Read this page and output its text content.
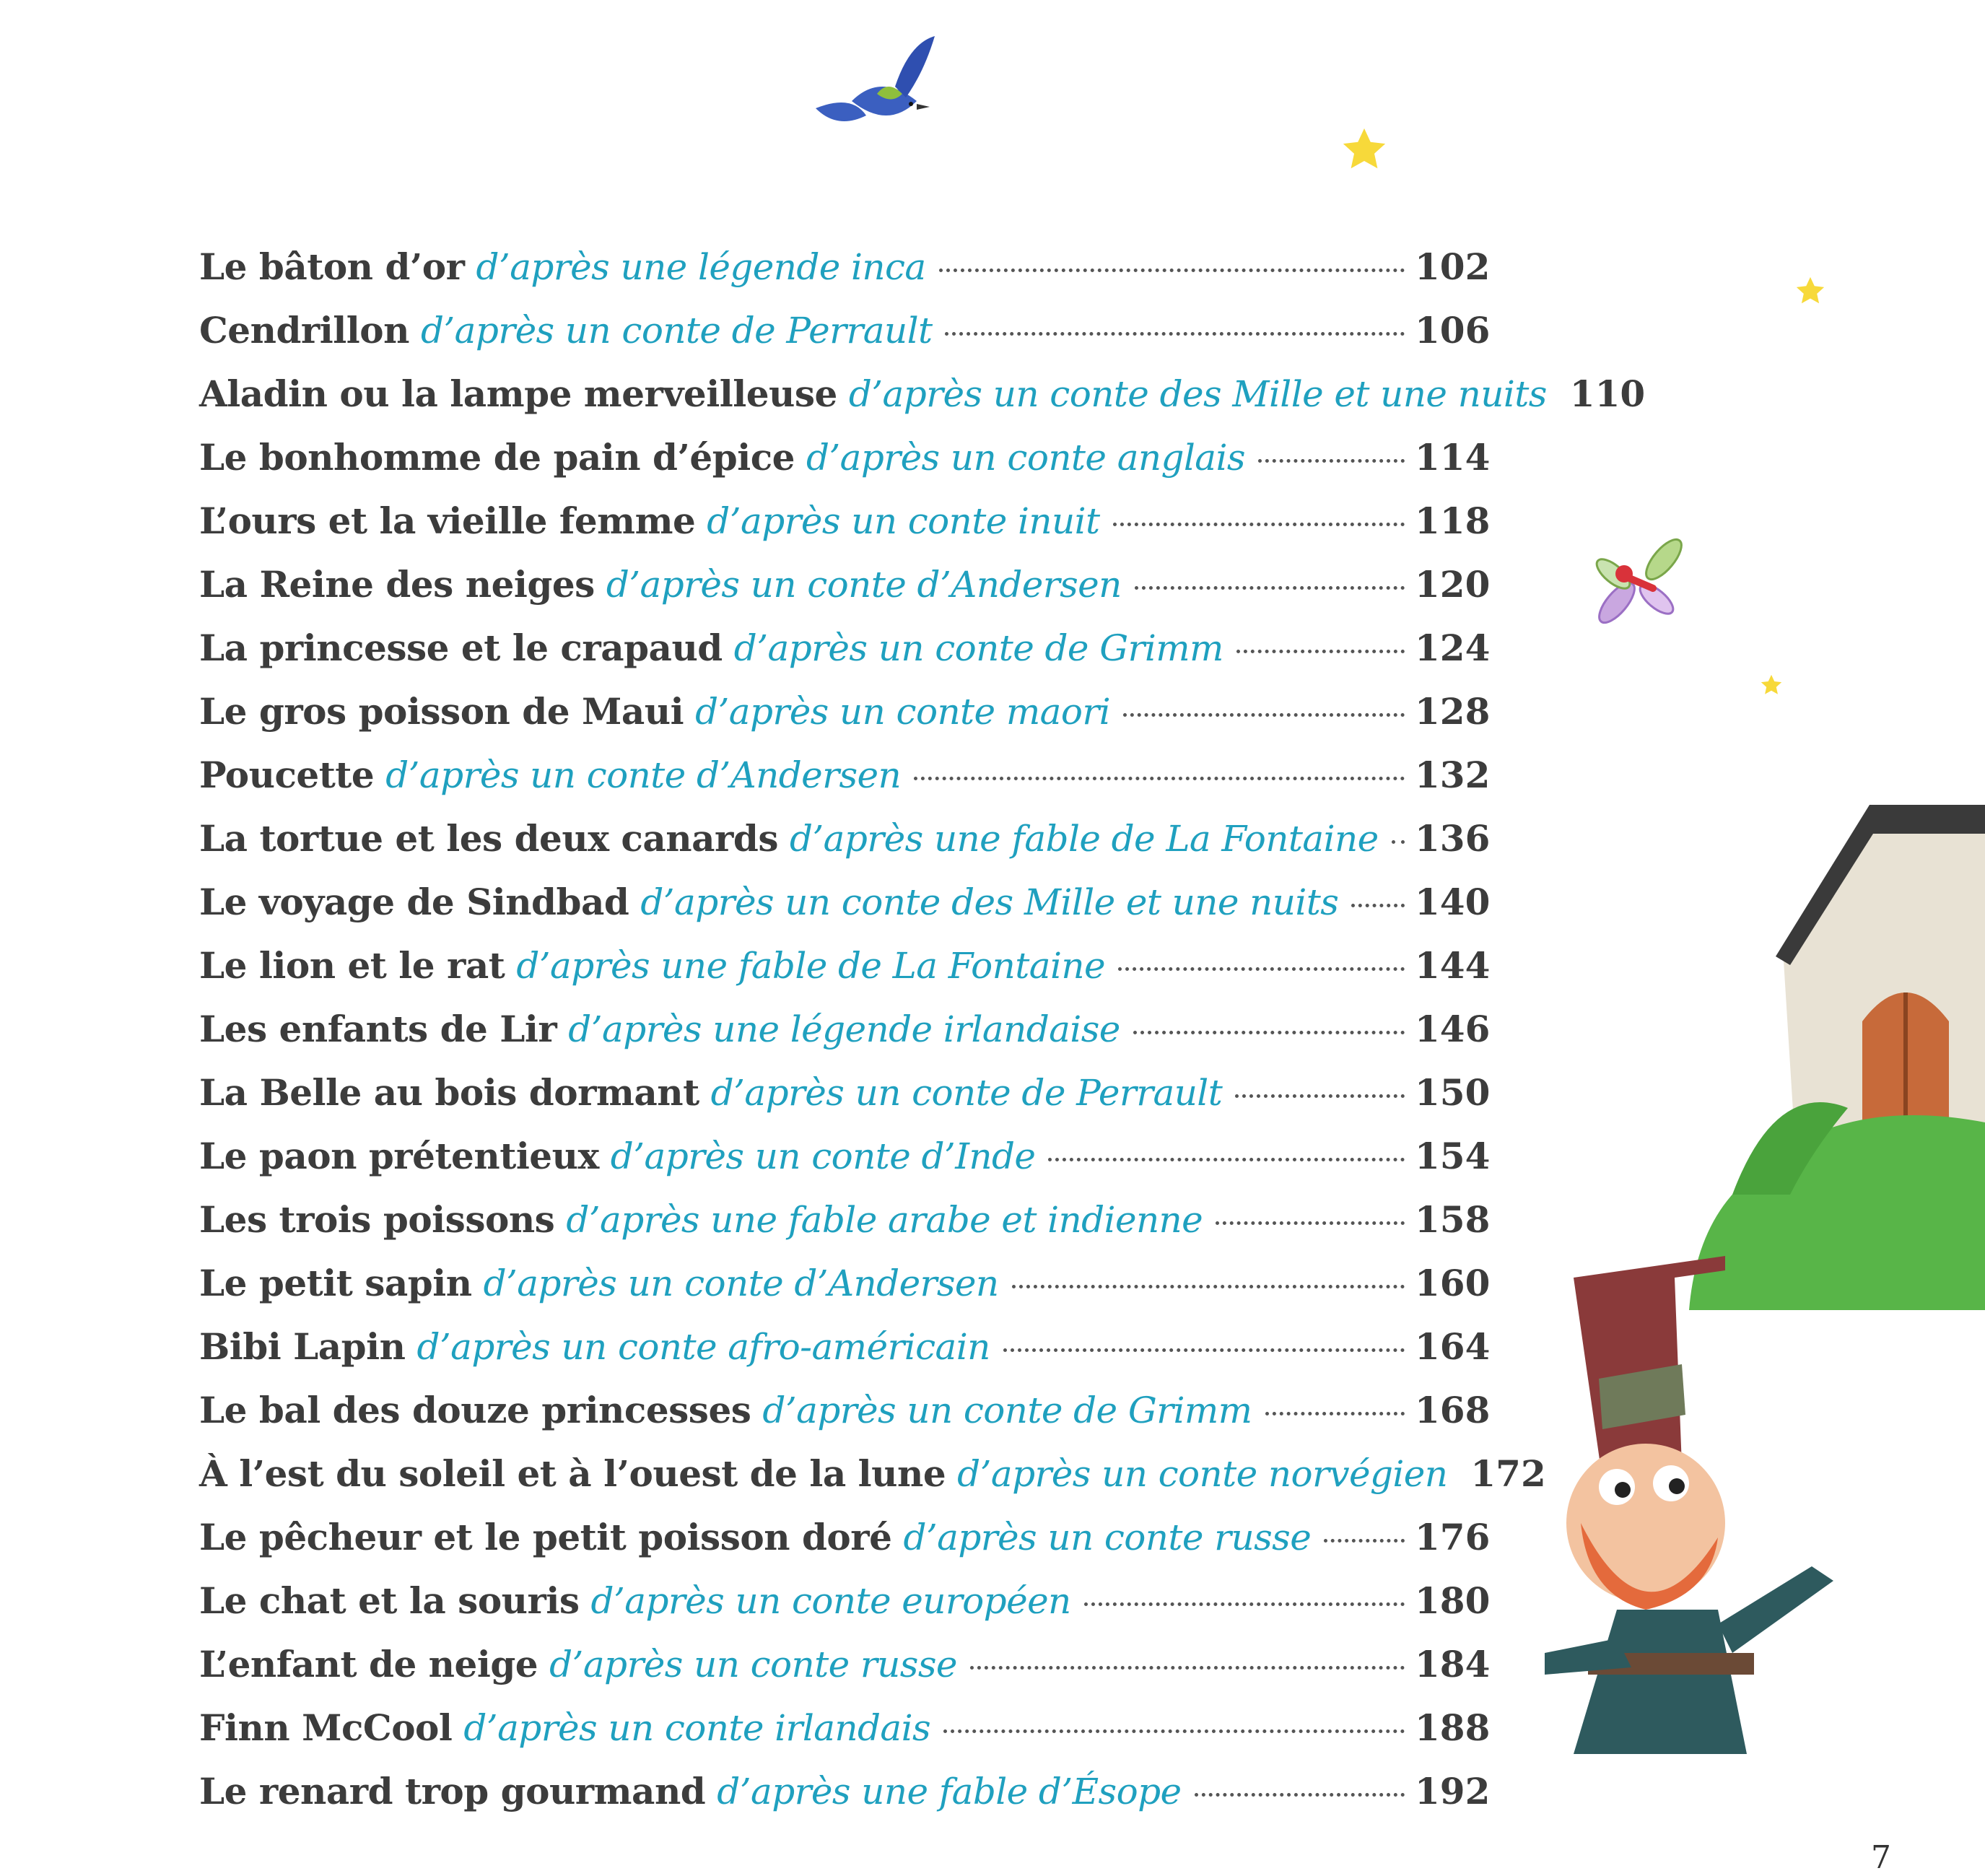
Le bâton d’or d’après une légende inca	102
Cendrillon d’après un conte de Perrault	106
Aladin ou la lampe merveilleuse d’après un conte des Mille et une nuits 110
Le bonhomme de pain d’épice d’après un conte anglais	114
L’ours et la vieille femme d’après un conte inuit	118
La Reine des neiges d’après un conte d’Andersen	120
La princesse et le crapaud d’après un conte de Grimm	124
Le gros poisson de Maui d’après un conte maori	128
Poucette d’après un conte d’Andersen	132
La tortue et les deux canards d’après une fable de La Fontaine 136
Le voyage de Sindbad d’après un conte des Mille et une nuits 140
Le lion et le rat d’après une fable de La Fontaine	144
Les enfants de Lir d’après une légende irlandaise	146
La Belle au bois dormant d’après un conte de Perrault	150
Le paon prétentieux d’après un conte d’Inde	154
Les trois poissons d’après une fable arabe et indienne	158
Le petit sapin d’après un conte d’Andersen	160
Bibi Lapin d’après un conte afro-américain	164
Le bal des douze princesses d’après un conte de Grimm	168
À l’est du soleil et à l’ouest de la lune d’après un conte norvégien 172
Le pêcheur et le petit poisson doré d’après un conte russe	176
Le chat et la souris d’après un conte européen	180
L’enfant de neige d’après un conte russe	184
Finn McCool d’après un conte irlandais	188
Le renard trop gourmand d’après une fable d’Ésope	192
7
